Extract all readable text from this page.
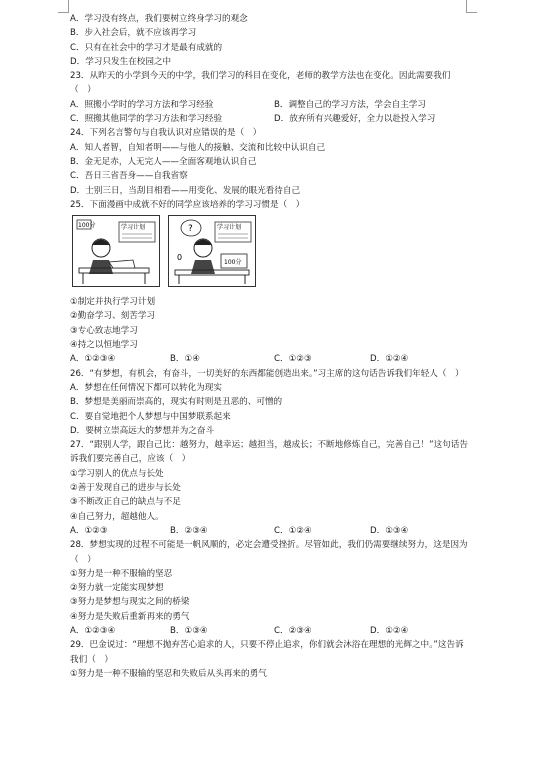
A．学习没有终点，我们要树立终身学习的观念
B．步入社会后，就不应该再学习
C．只有在社会中的学习才是最有成就的
D．学习只发生在校园之中
23．从昨天的小学到今天的中学，我们学习的科目在变化，老师的教学方法也在变化。因此需要我们（　）
A．照搬小学时的学习方法和学习经验	B．调整自己的学习方法，学会自主学习
C．照搬其他同学的学习方法和学习经验	D．放弃所有兴趣爱好，全力以赴投入学习
24．下列名言警句与自我认识对应错误的是（　）
A．知人者智，自知者明——与他人的接触、交流和比较中认识自己
B．金无足赤，人无完人——全面客观地认识自己
C．吾日三省吾身——自我省察
D．士别三日，当刮目相看——用变化、发展的眼光看待自己
25．下面漫画中成就不好的同学应该培养的学习习惯是（　）
100分	学习计划	?	学习计划
0
100分
①制定并执行学习计划
②勤奋学习、刻苦学习
③专心致志地学习
④持之以恒地学习
A．①②③④	B．①④	C．①②③	D．①②④
26．“有梦想，有机会，有奋斗，一切美好的东西都能创造出来。”习主席的这句话告诉我们年轻人（　）
A．梦想在任何情况下都可以转化为现实
B．梦想是美丽而崇高的，现实有时则是丑恶的、可憎的
C．要自觉地把个人梦想与中国梦联系起来
D．要树立崇高远大的梦想并为之奋斗
27．“跟别人学，跟自己比：越努力，越幸运；越担当，越成长；不断地修炼自己，完善自己！”这句话告诉我们要完善自己，应该（　）
①学习别人的优点与长处
②善于发现自己的进步与长处
③不断改正自己的缺点与不足
④自己努力，超越他人。
A．①②③	B．②③④	C．①②④	D．①③④
28．梦想实现的过程不可能是一帆风顺的，必定会遭受挫折。尽管如此，我们仍需要继续努力，这是因为（　）
①努力是一种不服输的坚忍
②努力就一定能实现梦想
③努力是梦想与现实之间的桥梁
④努力是失败后重新再来的勇气
A．①②③④	B．①③④	C．②③④	D．①②④
29．巴金说过：“理想不抛弃苦心追求的人，只要不停止追求，你们就会沐浴在理想的光辉之中。”这告诉我们（　）
①努力是一种不服输的坚忍和失败后从头再来的勇气
